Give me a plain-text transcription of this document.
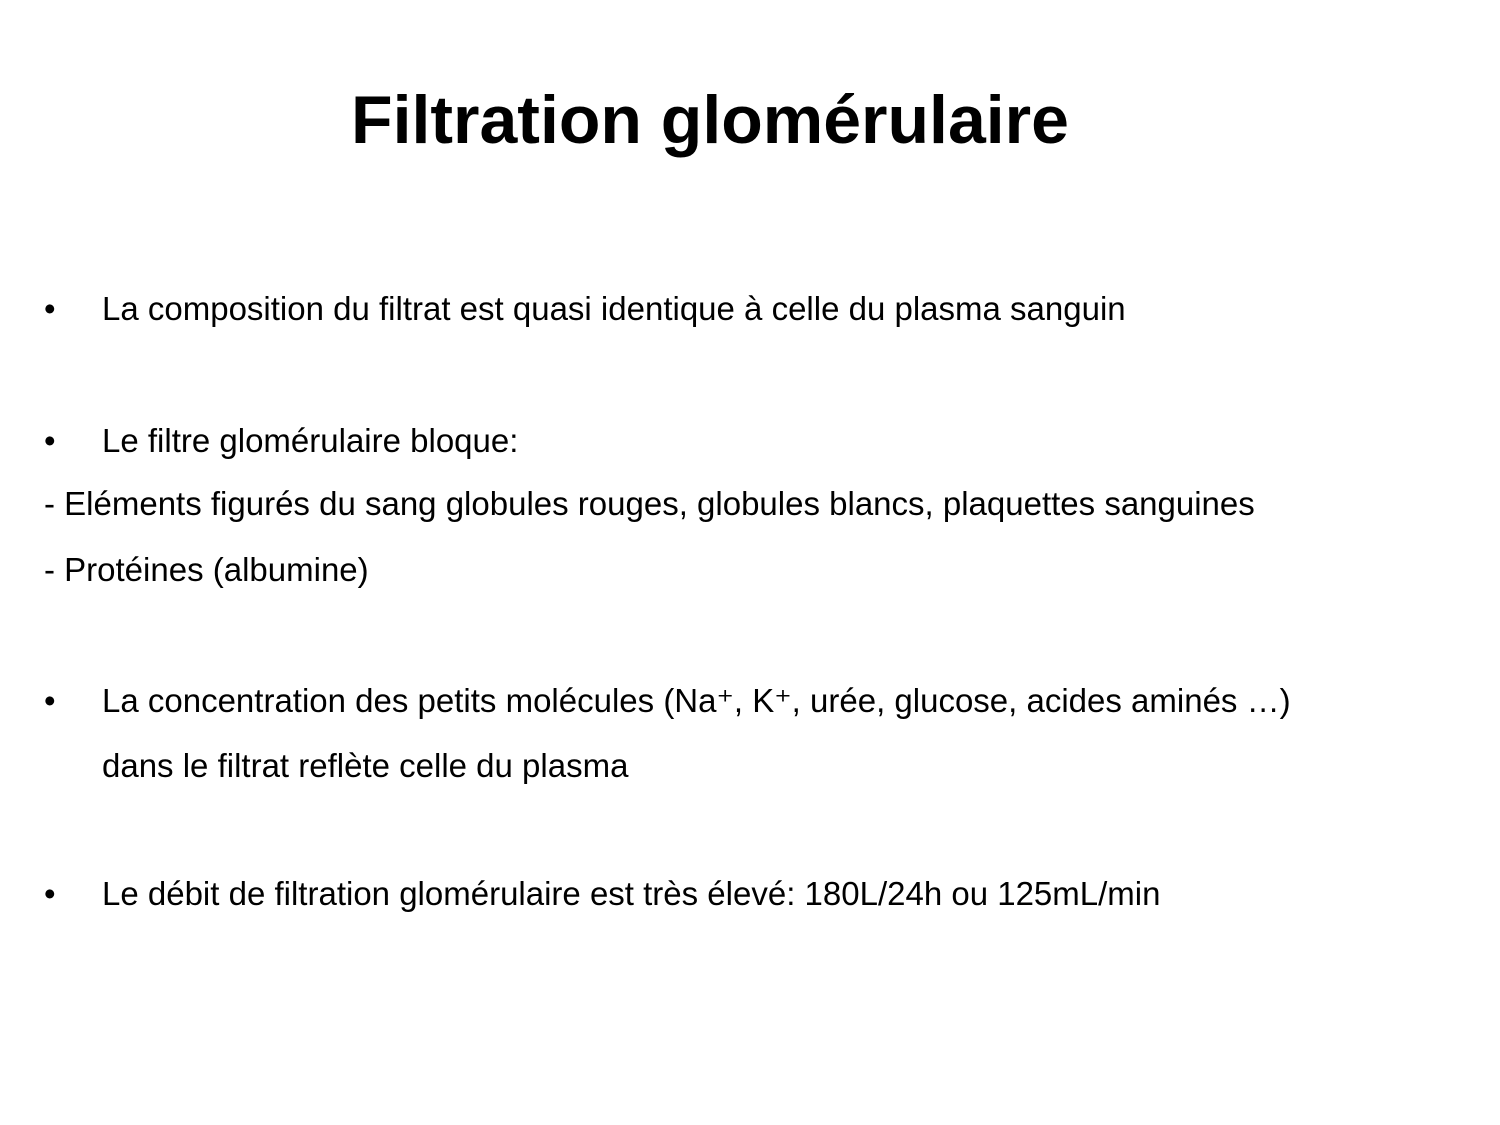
Filtration glomérulaire
• La composition du filtrat est quasi identique à celle du plasma sanguin
• Le filtre glomérulaire bloque:
- Eléments figurés du sang globules rouges, globules blancs, plaquettes sanguines
- Protéines (albumine)
• La concentration des petits molécules (Na⁺, K⁺, urée, glucose, acides aminés …)
dans le filtrat reflète celle du plasma
• Le débit de filtration glomérulaire est très élevé: 180L/24h ou 125mL/min
